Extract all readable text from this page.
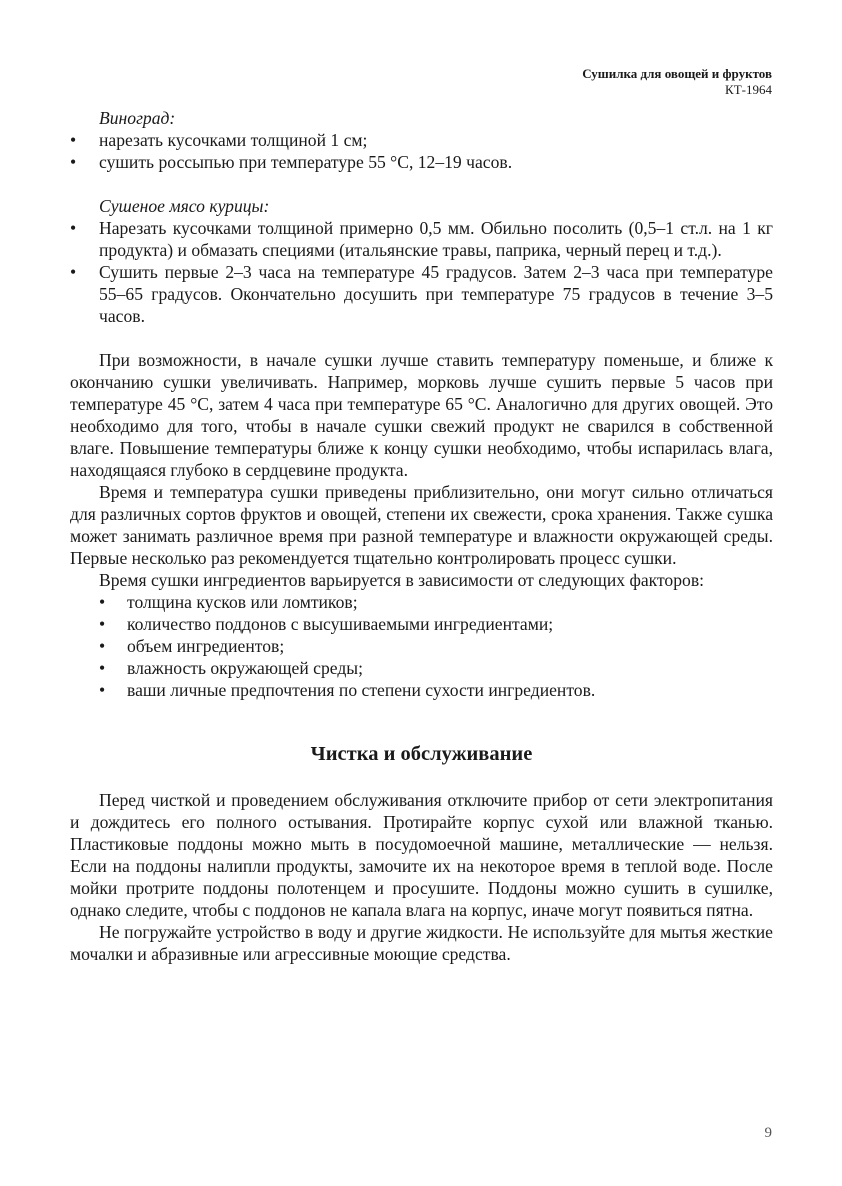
Сушилка для овощей и фруктов
КТ-1964

Виноград:

• нарезать кусочками толщиной 1 см;
• сушить россыпью при температуре 55 °С, 12–19 часов.

Сушеное мясо курицы:

• Нарезать кусочками толщиной примерно 0,5 мм. Обильно посолить (0,5–1 ст.л. на 1 кг продукта) и обмазать специями (итальянские травы, паприка, черный перец и т.д.).
• Сушить первые 2–3 часа на температуре 45 градусов. Затем 2–3 часа при температуре 55–65 градусов. Окончательно досушить при температуре 75 градусов в течение 3–5 часов.

При возможности, в начале сушки лучше ставить температуру поменьше, и ближе к окончанию сушки увеличивать. Например, морковь лучше сушить первые 5 часов при температуре 45 °С, затем 4 часа при температуре 65 °С. Аналогично для других овощей. Это необходимо для того, чтобы в начале сушки свежий продукт не сварился в собственной влаге. Повышение температуры ближе к концу сушки необходимо, чтобы испарилась влага, находящаяся глубоко в сердцевине продукта.

Время и температура сушки приведены приблизительно, они могут сильно отличаться для различных сортов фруктов и овощей, степени их свежести, срока хранения. Также сушка может занимать различное время при разной температуре и влажности окружающей среды. Первые несколько раз рекомендуется тщательно контролировать процесс сушки.

Время сушки ингредиентов варьируется в зависимости от следующих факторов:

• толщина кусков или ломтиков;
• количество поддонов с высушиваемыми ингредиентами;
• объем ингредиентов;
• влажность окружающей среды;
• ваши личные предпочтения по степени сухости ингредиентов.
Чистка и обслуживание

Перед чисткой и проведением обслуживания отключите прибор от сети электропитания и дождитесь его полного остывания. Протирайте корпус сухой или влажной тканью. Пластиковые поддоны можно мыть в посудомоечной машине, металлические — нельзя. Если на поддоны налипли продукты, замочите их на некоторое время в теплой воде. После мойки протрите поддоны полотенцем и просушите. Поддоны можно сушить в сушилке, однако следите, чтобы с поддонов не капала влага на корпус, иначе могут появиться пятна.

Не погружайте устройство в воду и другие жидкости. Не используйте для мытья жесткие мочалки и абразивные или агрессивные моющие средства.

9
